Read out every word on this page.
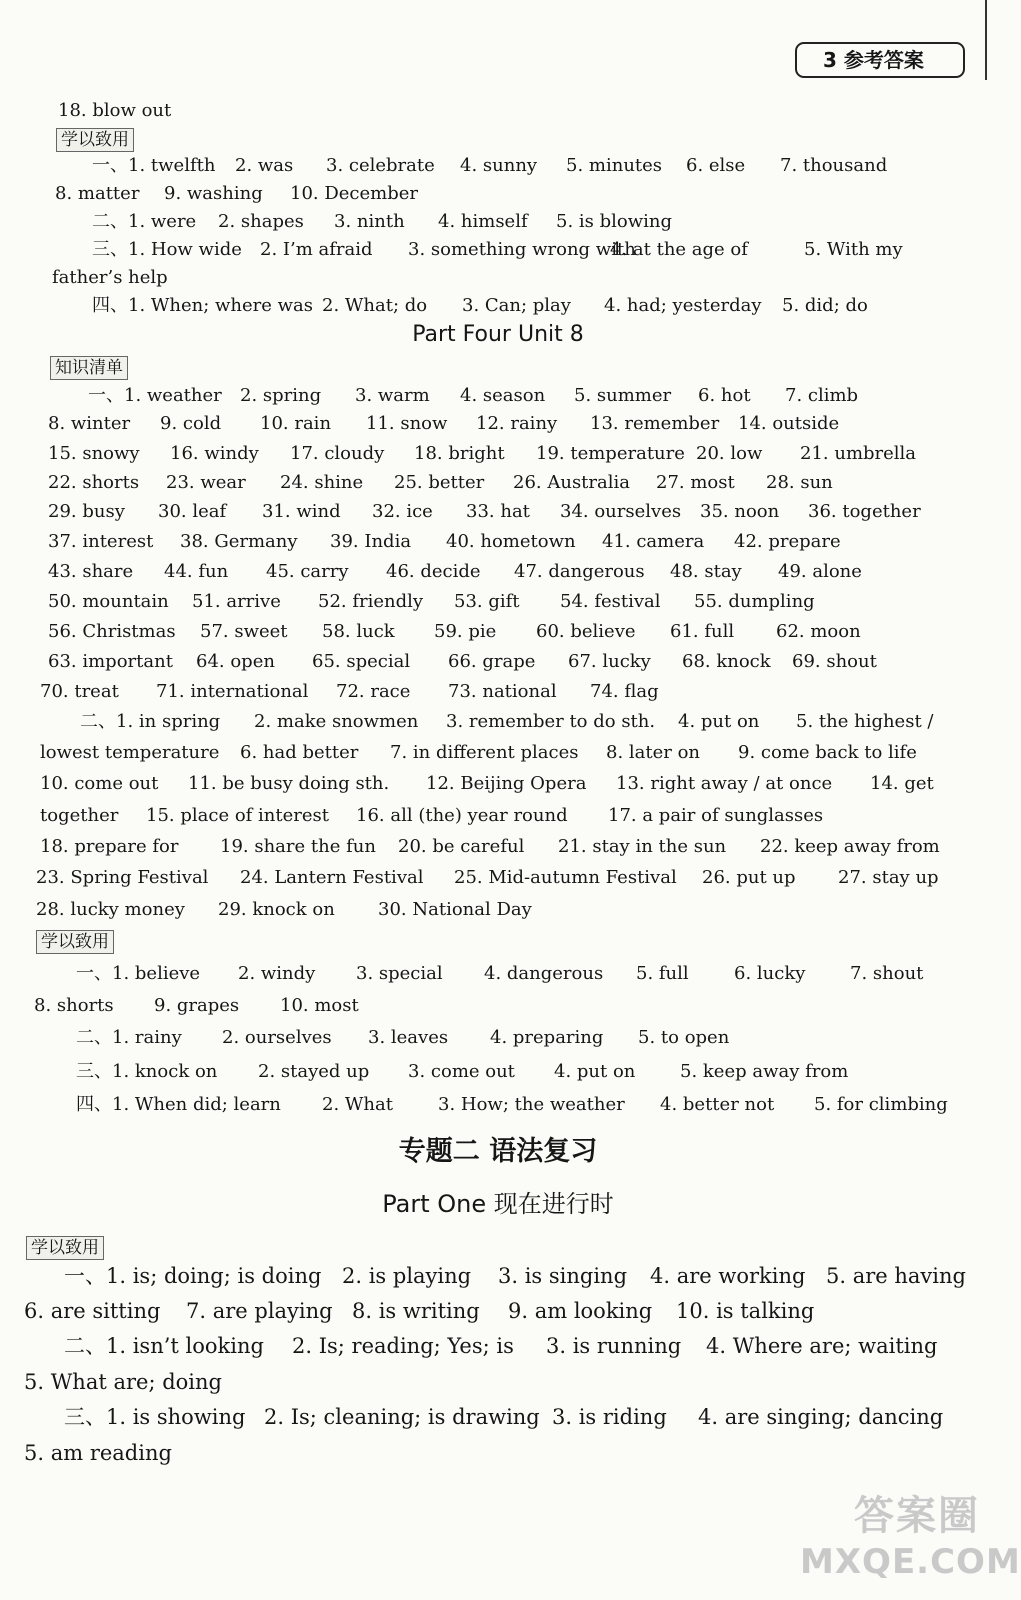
3 参考答案
18. blow out
学以致用
一、1. twelfth 2. was 3. celebrate 4. sunny 5. minutes 6. else 7. thousand
8. matter 9. washing 10. December
二、1. were 2. shapes 3. ninth 4. himself 5. is blowing
三、1. How wide 2. I’m afraid 3. something wrong with
4. at the age of	5. With my
father’s help
四、1. When; where was 2. What; do 3. Can; play 4. had; yesterday 5. did; do
Part Four Unit 8
知识清单
一、1. weather 2. spring 3. warm 4. season 5. summer 6. hot 7. climb
8. winter 9. cold 10. rain 11. snow 12. rainy 13. remember 14. outside
15. snowy 16. windy 17. cloudy 18. bright 19. temperature 20. low 21. umbrella
22. shorts 23. wear 24. shine 25. better 26. Australia 27. most 28. sun
29. busy 30. leaf 31. wind 32. ice 33. hat 34. ourselves 35. noon 36. together
37. interest 38. Germany 39. India 40. hometown 41. camera 42. prepare
43. share 44. fun 45. carry 46. decide 47. dangerous 48. stay 49. alone
50. mountain 51. arrive 52. friendly 53. gift 54. festival 55. dumpling
56. Christmas 57. sweet 58. luck 59. pie 60. believe 61. full 62. moon
63. important 64. open 65. special 66. grape 67. lucky 68. knock 69. shout
70. treat 71. international 72. race 73. national 74. flag
二、1. in spring 2. make snowmen 3. remember to do sth. 4. put on 5. the highest /
lowest temperature 6. had better 7. in different places 8. later on 9. come back to life
10. come out 11. be busy doing sth. 12. Beijing Opera 13. right away / at once 14. get
together 15. place of interest 16. all (the) year round 17. a pair of sunglasses
18. prepare for 19. share the fun 20. be careful 21. stay in the sun 22. keep away from
23. Spring Festival 24. Lantern Festival 25. Mid-autumn Festival 26. put up 27. stay up
28. lucky money 29. knock on 30. National Day
学以致用
一、1. believe 2. windy 3. special 4. dangerous 5. full	6. lucky 7. shout
8. shorts 9. grapes 10. most
二、1. rainy 2. ourselves 3. leaves 4. preparing 5. to open
三、1. knock on 2. stayed up 3. come out 4. put on 5. keep away from
四、1. When did; learn 2. What	3. How; the weather 4. better not 5. for climbing
专题二 语法复习
Part One 现在进行时
学以致用
一、1. is; doing; is doing 2. is playing 3. is singing 4. are working 5. are having
6. are sitting 7. are playing 8. is writing 9. am looking 10. is talking
二、1. isn’t looking 2. Is; reading; Yes; is 3. is running 4. Where are; waiting
5. What are; doing
三、1. is showing 2. Is; cleaning; is drawing 3. is riding 4. are singing; dancing
5. am reading
答案圈
MXQE.COM
